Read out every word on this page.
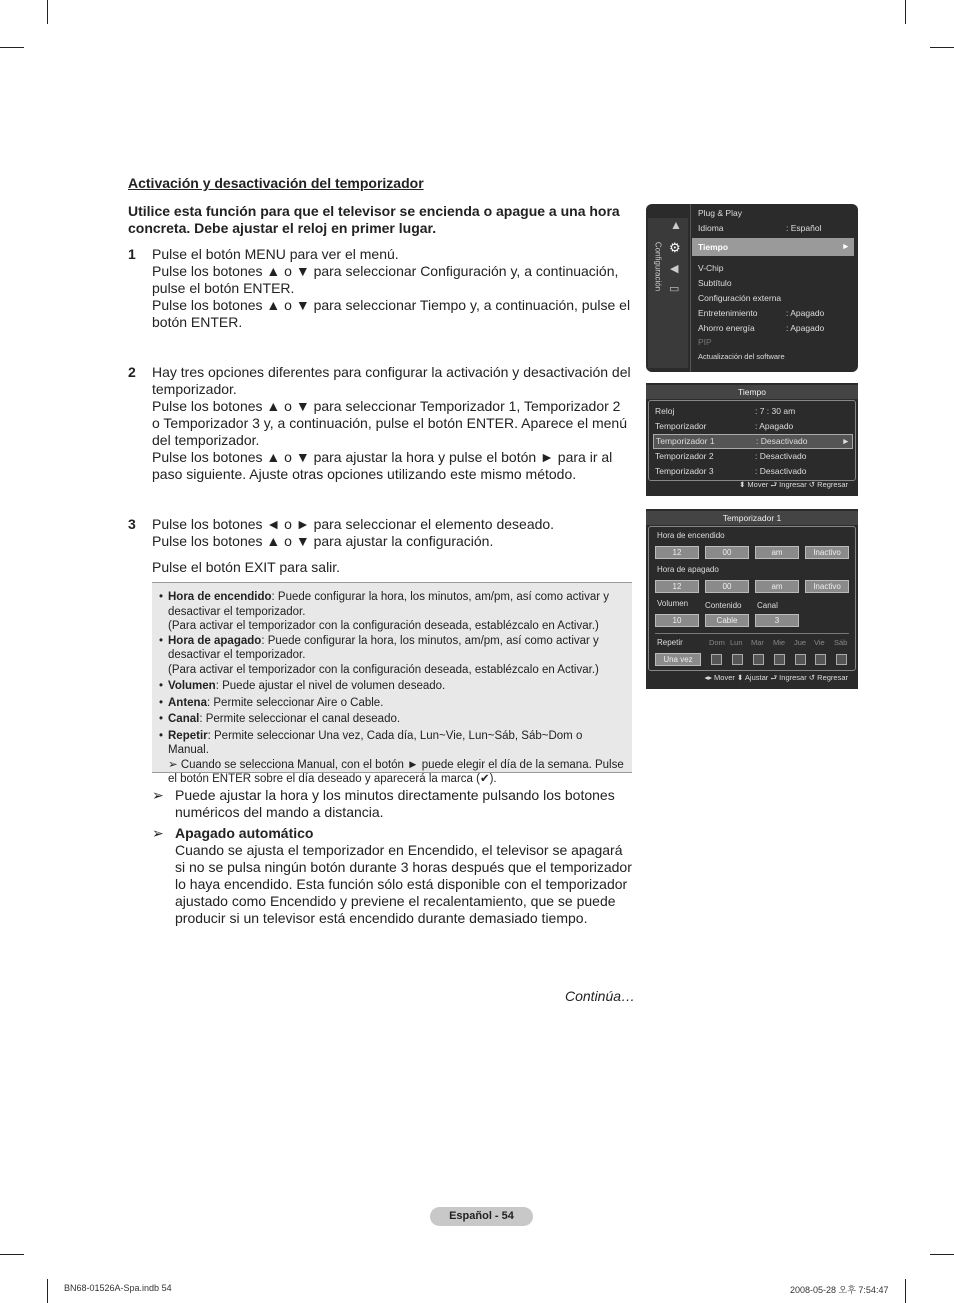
Activación y desactivación del temporizador
Utilice esta función para que el televisor se encienda o apague a una hora concreta. Debe ajustar el reloj en primer lugar.
1 Pulse el botón MENU para ver el menú.

Pulse los botones ▲ o ▼ para seleccionar Configuración y, a continuación, pulse el botón ENTER.

Pulse los botones ▲ o ▼ para seleccionar Tiempo y, a continuación, pulse el botón ENTER.

2 Hay tres opciones diferentes para configurar la activación y desactivación del temporizador.

Pulse los botones ▲ o ▼ para seleccionar Temporizador 1, Temporizador 2 o Temporizador 3 y, a continuación, pulse el botón ENTER. Aparece el menú del temporizador.

Pulse los botones ▲ o ▼ para ajustar la hora y pulse el botón ► para ir al paso siguiente. Ajuste otras opciones utilizando este mismo método.

3 Pulse los botones ◄ o ► para seleccionar el elemento deseado.

Pulse los botones ▲ o ▼ para ajustar la configuración.

Pulse el botón EXIT para salir.

• Hora de encendido: Puede configurar la hora, los minutos, am/pm, así como activar y desactivar el temporizador.
(Para activar el temporizador con la configuración deseada, establézcalo en Activar.)
• Hora de apagado: Puede configurar la hora, los minutos, am/pm, así como activar y desactivar el temporizador.
(Para activar el temporizador con la configuración deseada, establézcalo en Activar.)
• Volumen: Puede ajustar el nivel de volumen deseado.
• Antena: Permite seleccionar Aire o Cable.
• Canal: Permite seleccionar el canal deseado.
• Repetir: Permite seleccionar Una vez, Cada día, Lun~Vie, Lun~Sáb, Sáb~Dom o Manual.
➢ Cuando se selecciona Manual, con el botón ► puede elegir el día de la semana. Pulse el botón ENTER sobre el día deseado y aparecerá la marca (✔).
➢ Puede ajustar la hora y los minutos directamente pulsando los botones numéricos del mando a distancia.
➢ Apagado automático
Cuando se ajusta el temporizador en Encendido, el televisor se apagará si no se pulsa ningún botón durante 3 horas después que el temporizador lo haya encendido. Esta función sólo está disponible con el temporizador ajustado como Encendido y previene el recalentamiento, que se puede producir si un televisor está encendido durante demasiado tiempo.
Continúa…
Configuración
▲
⚙
◀
▭
Plug & Play
Idioma	: Español
Tiempo	►
V-Chip
Subtítulo
Configuración externa
Entretenimiento	: Apagado
Ahorro energía	: Apagado
PIP
Actualización del software
Tiempo
Reloj	: 7 : 30 am
Temporizador	: Apagado
Temporizador 1	: Desactivado	►
Temporizador 2	: Desactivado
Temporizador 3	: Desactivado
⬍ Mover ⮐ Ingresar ↺ Regresar
Temporizador 1
Hora de encendido
12	00	am	Inactivo
Hora de apagado
12	00	am	Inactivo
Volumen Contenido Canal
10	Cable	3
Repetir	Dom Lun Mar Mie Jue Vie Sáb
Una vez
◂▸ Mover ⬍ Ajustar ⮐ Ingresar ↺ Regresar
Español - 54
BN68-01526A-Spa.indb 54	2008-05-28 오후 7:54:47
